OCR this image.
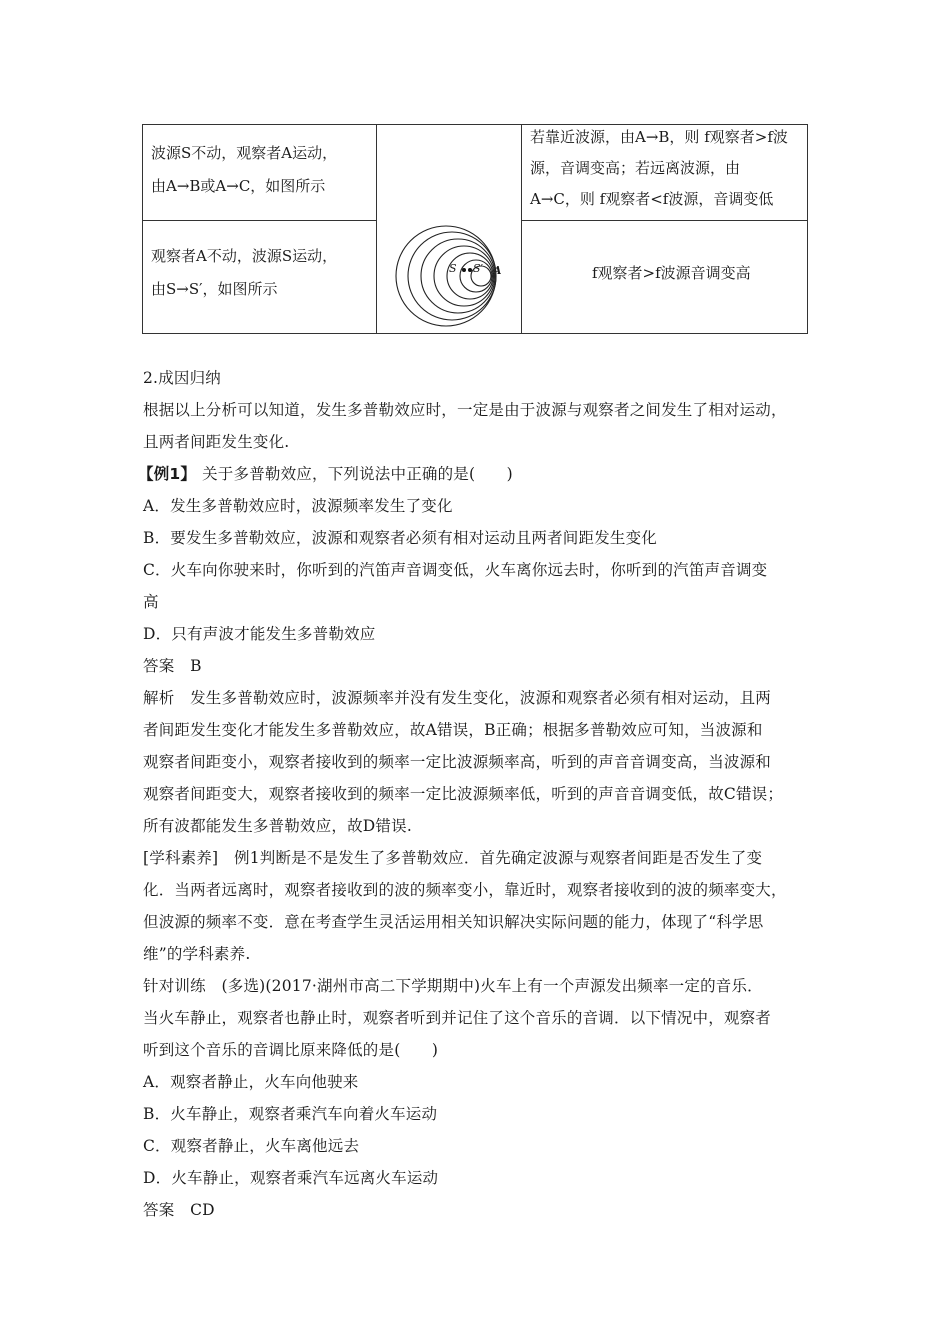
波源S不动，观察者A运动，
由A→B或A→C，如图所示
若靠近波源，由A→B，则 f观察者>f波
源，音调变高；若远离波源，由
A→C，则 f观察者<f波源，音调变低
观察者A不动，波源S运动，
由S→S′，如图所示
f观察者>f波源音调变高
S S′ A
2.成因归纳
根据以上分析可以知道，发生多普勒效应时，一定是由于波源与观察者之间发生了相对运动，
且两者间距发生变化.
【例1】 关于多普勒效应，下列说法中正确的是(　　)
A．发生多普勒效应时，波源频率发生了变化
B．要发生多普勒效应，波源和观察者必须有相对运动且两者间距发生变化
C．火车向你驶来时，你听到的汽笛声音调变低，火车离你远去时，你听到的汽笛声音调变
高
D．只有声波才能发生多普勒效应
答案　B
解析　发生多普勒效应时，波源频率并没有发生变化，波源和观察者必须有相对运动，且两
者间距发生变化才能发生多普勒效应，故A错误，B正确；根据多普勒效应可知，当波源和
观察者间距变小，观察者接收到的频率一定比波源频率高，听到的声音音调变高，当波源和
观察者间距变大，观察者接收到的频率一定比波源频率低，听到的声音音调变低，故C错误；
所有波都能发生多普勒效应，故D错误.
[学科素养]　例1判断是不是发生了多普勒效应．首先确定波源与观察者间距是否发生了变
化．当两者远离时，观察者接收到的波的频率变小，靠近时，观察者接收到的波的频率变大，
但波源的频率不变．意在考查学生灵活运用相关知识解决实际问题的能力，体现了“科学思
维”的学科素养.
针对训练　(多选)(2017·湖州市高二下学期期中)火车上有一个声源发出频率一定的音乐．
当火车静止，观察者也静止时，观察者听到并记住了这个音乐的音调．以下情况中，观察者
听到这个音乐的音调比原来降低的是(　　)
A．观察者静止，火车向他驶来
B．火车静止，观察者乘汽车向着火车运动
C．观察者静止，火车离他远去
D．火车静止，观察者乘汽车远离火车运动
答案　CD
